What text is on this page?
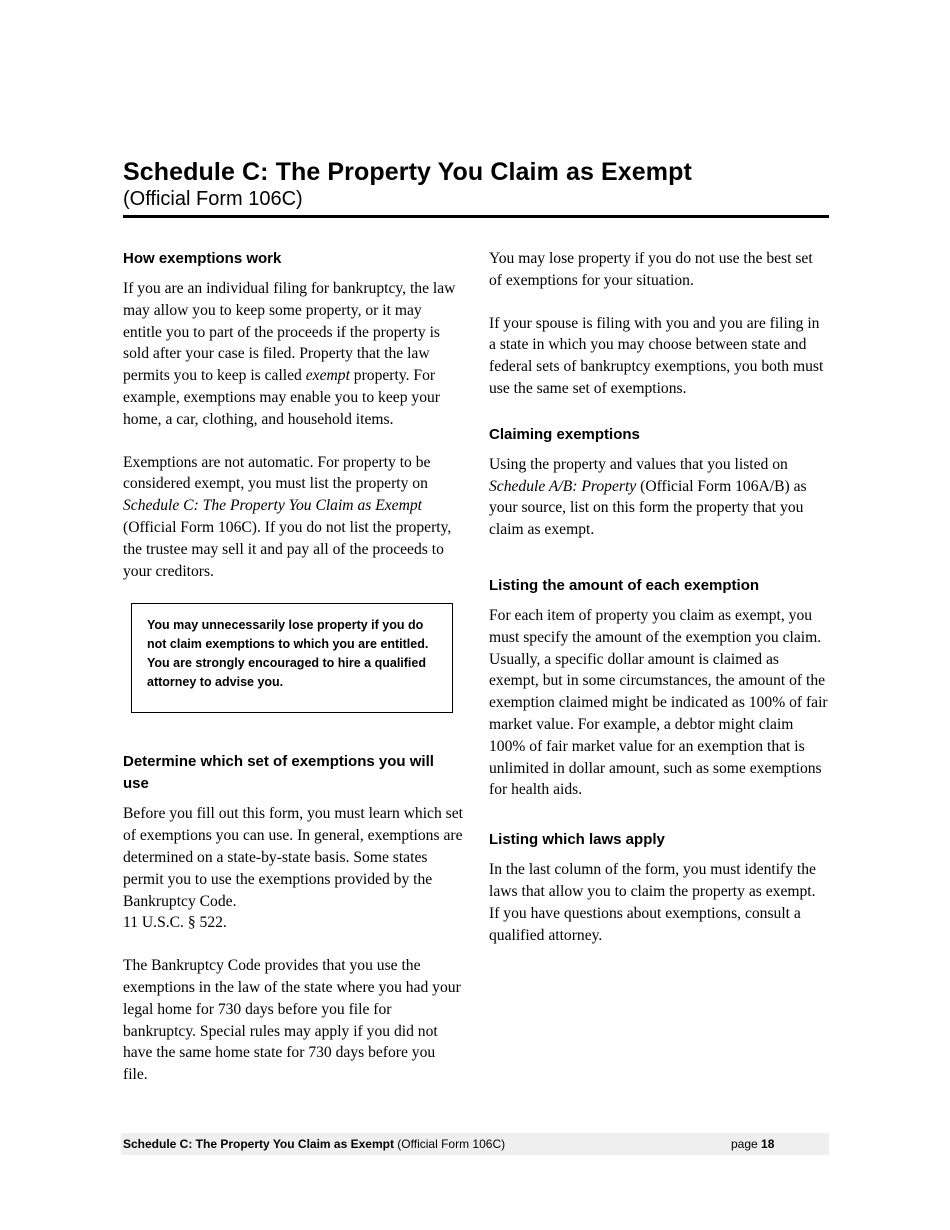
Schedule C: The Property You Claim as Exempt
(Official Form 106C)
How exemptions work

If you are an individual filing for bankruptcy, the law may allow you to keep some property, or it may entitle you to part of the proceeds if the property is sold after your case is filed. Property that the law permits you to keep is called exempt property. For example, exemptions may enable you to keep your home, a car, clothing, and household items.

Exemptions are not automatic. For property to be considered exempt, you must list the property on Schedule C: The Property You Claim as Exempt (Official Form 106C). If you do not list the property, the trustee may sell it and pay all of the proceeds to your creditors.

You may unnecessarily lose property if you do not claim exemptions to which you are entitled. You are strongly encouraged to hire a qualified attorney to advise you.
Determine which set of exemptions you will use

Before you fill out this form, you must learn which set of exemptions you can use. In general, exemptions are determined on a state-by-state basis. Some states permit you to use the exemptions provided by the Bankruptcy Code.
11 U.S.C. § 522.

The Bankruptcy Code provides that you use the exemptions in the law of the state where you had your legal home for 730 days before you file for bankruptcy. Special rules may apply if you did not have the same home state for 730 days before you file.

You may lose property if you do not use the best set of exemptions for your situation.

If your spouse is filing with you and you are filing in a state in which you may choose between state and federal sets of bankruptcy exemptions, you both must use the same set of exemptions.

Claiming exemptions

Using the property and values that you listed on Schedule A/B: Property (Official Form 106A/B) as your source, list on this form the property that you claim as exempt.

Listing the amount of each exemption

For each item of property you claim as exempt, you must specify the amount of the exemption you claim. Usually, a specific dollar amount is claimed as exempt, but in some circumstances, the amount of the exemption claimed might be indicated as 100% of fair market value. For example, a debtor might claim 100% of fair market value for an exemption that is unlimited in dollar amount, such as some exemptions for health aids.

Listing which laws apply

In the last column of the form, you must identify the laws that allow you to claim the property as exempt. If you have questions about exemptions, consult a qualified attorney.

Schedule C: The Property You Claim as Exempt (Official Form 106C)	page 18
